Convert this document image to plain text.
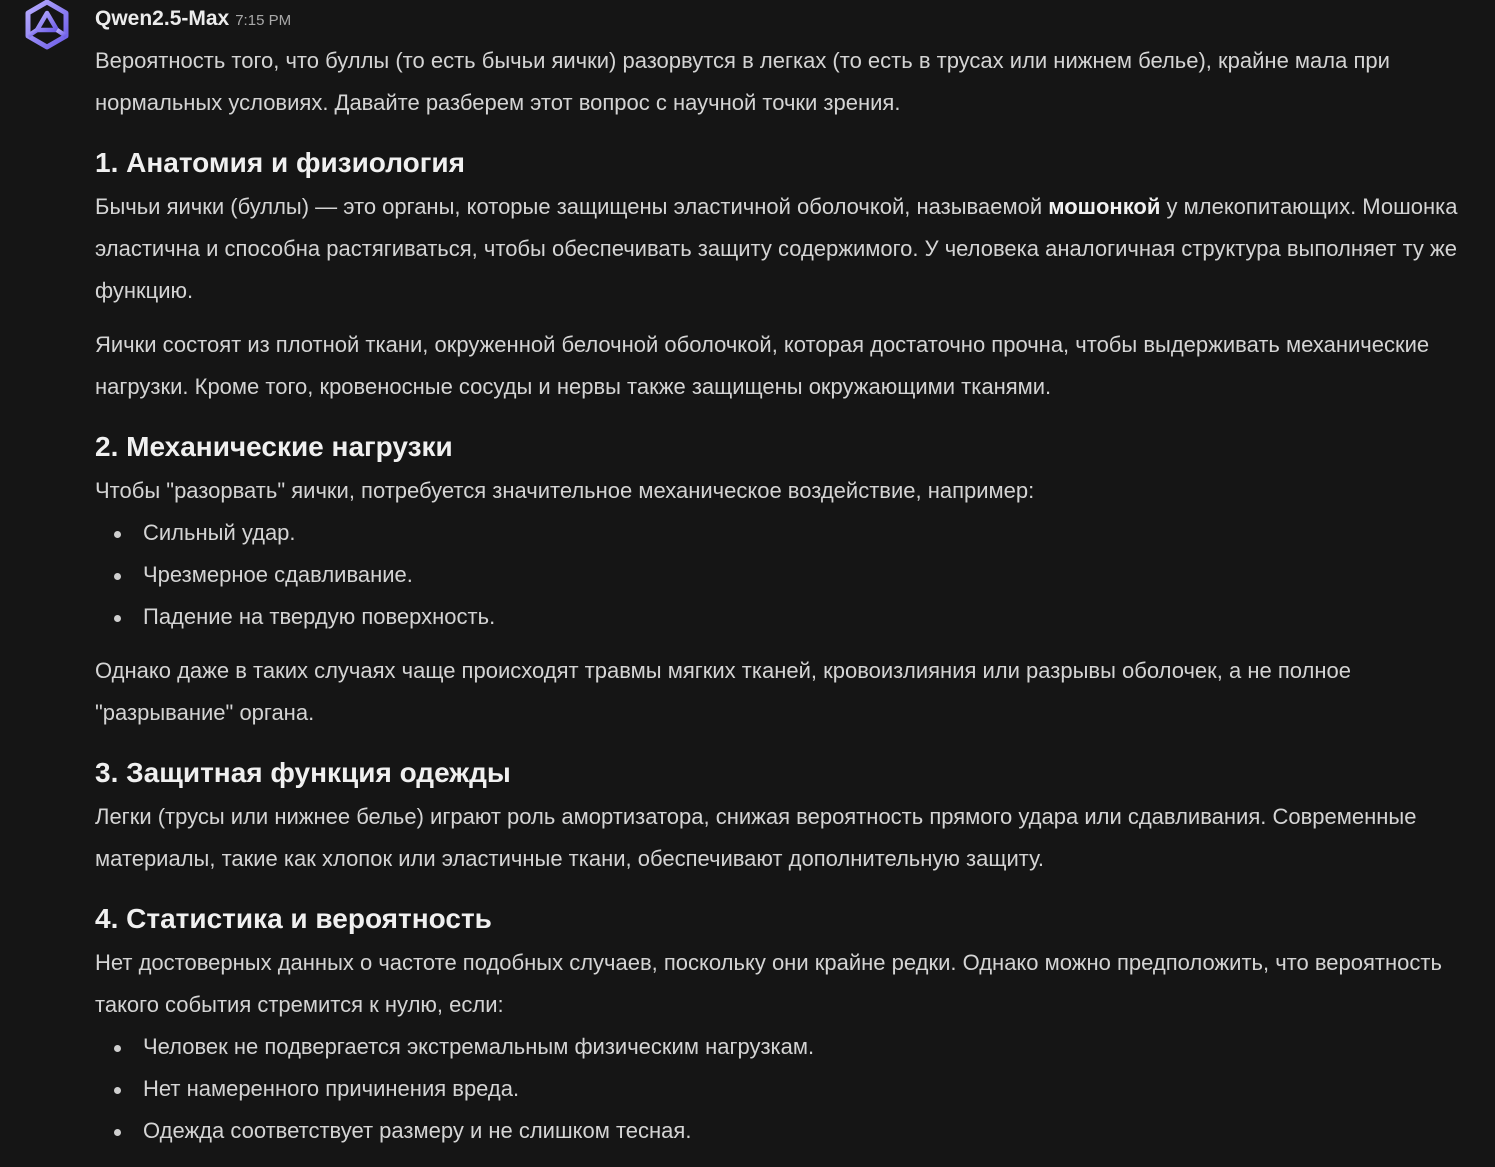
Qwen2.5-Max 7:15 PM

Вероятность того, что буллы (то есть бычьи яички) разорвутся в легках (то есть в трусах или нижнем белье), крайне мала при нормальных условиях. Давайте разберем этот вопрос с научной точки зрения.

1. Анатомия и физиология

Бычьи яички (буллы) — это органы, которые защищены эластичной оболочкой, называемой мошонкой у млекопитающих. Мошонка эластична и способна растягиваться, чтобы обеспечивать защиту содержимого. У человека аналогичная структура выполняет ту же функцию.

Яички состоят из плотной ткани, окруженной белочной оболочкой, которая достаточно прочна, чтобы выдерживать механические нагрузки. Кроме того, кровеносные сосуды и нервы также защищены окружающими тканями.

2. Механические нагрузки

Чтобы "разорвать" яички, потребуется значительное механическое воздействие, например:

Сильный удар.
Чрезмерное сдавливание.
Падение на твердую поверхность.

Однако даже в таких случаях чаще происходят травмы мягких тканей, кровоизлияния или разрывы оболочек, а не полное "разрывание" органа.

3. Защитная функция одежды

Легки (трусы или нижнее белье) играют роль амортизатора, снижая вероятность прямого удара или сдавливания. Современные материалы, такие как хлопок или эластичные ткани, обеспечивают дополнительную защиту.

4. Статистика и вероятность

Нет достоверных данных о частоте подобных случаев, поскольку они крайне редки. Однако можно предположить, что вероятность такого события стремится к нулю, если:

Человек не подвергается экстремальным физическим нагрузкам.
Нет намеренного причинения вреда.
Одежда соответствует размеру и не слишком тесная.
